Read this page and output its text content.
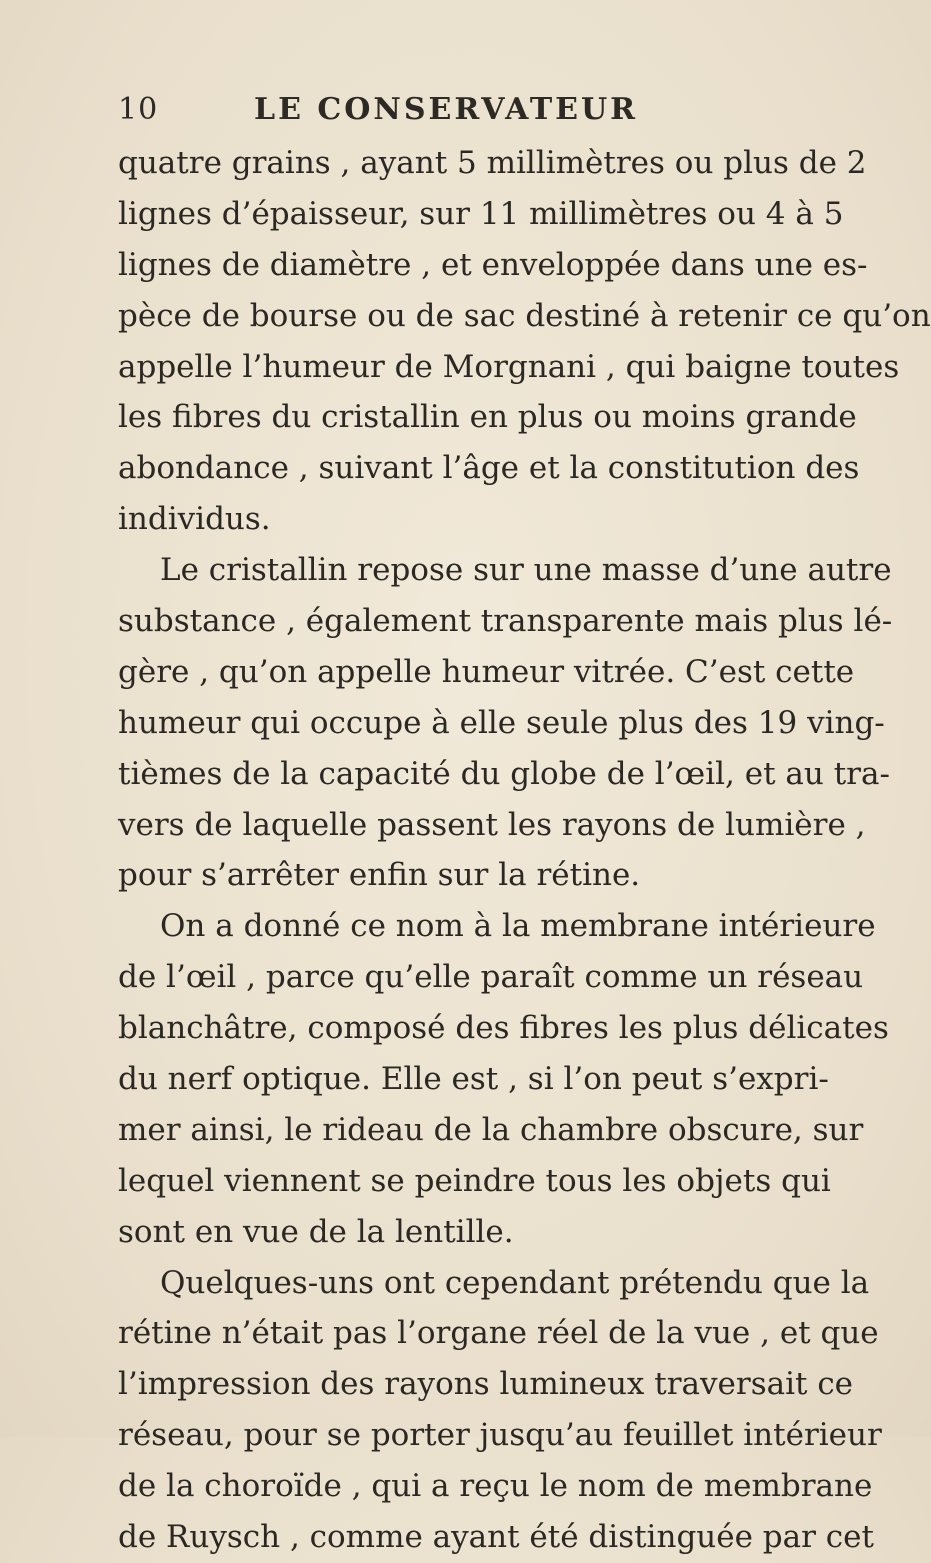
10	LE CONSERVATEUR
quatre grains , ayant 5 millimètres ou plus de 2
lignes d’épaisseur, sur 11 millimètres ou 4 à 5
lignes de diamètre , et enveloppée dans une es-
pèce de bourse ou de sac destiné à retenir ce qu’on
appelle l’humeur de Morgnani , qui baigne toutes
les fibres du cristallin en plus ou moins grande
abondance , suivant l’âge et la constitution des
individus.
Le cristallin repose sur une masse d’une autre
substance , également transparente mais plus lé-
gère , qu’on appelle humeur vitrée. C’est cette
humeur qui occupe à elle seule plus des 19 ving-
tièmes de la capacité du globe de l’œil, et au tra-
vers de laquelle passent les rayons de lumière ,
pour s’arrêter enfin sur la rétine.
On a donné ce nom à la membrane intérieure
de l’œil , parce qu’elle paraît comme un réseau
blanchâtre, composé des fibres les plus délicates
du nerf optique. Elle est , si l’on peut s’expri-
mer ainsi, le rideau de la chambre obscure, sur
lequel viennent se peindre tous les objets qui
sont en vue de la lentille.
Quelques-uns ont cependant prétendu que la
rétine n’était pas l’organe réel de la vue , et que
l’impression des rayons lumineux traversait ce
réseau, pour se porter jusqu’au feuillet intérieur
de la choroïde , qui a reçu le nom de membrane
de Ruysch , comme ayant été distinguée par cet
